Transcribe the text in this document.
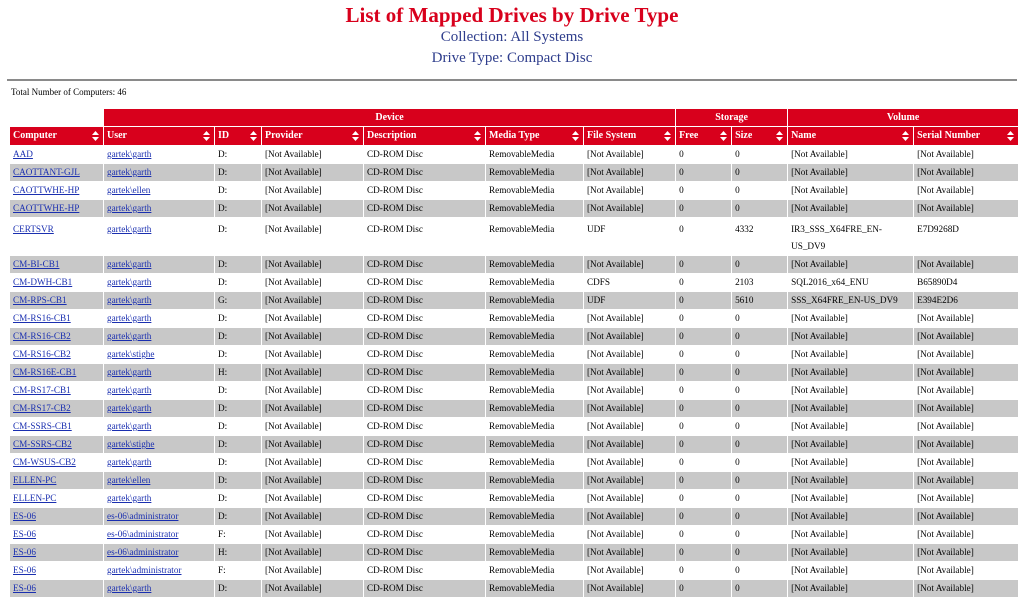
List of Mapped Drives by Drive Type
Collection: All Systems
Drive Type: Compact Disc
Total Number of Computers: 46
	Device						Storage		Volume	
Computer	User	ID	Provider	Description	Media Type	File System	Free	Size	Name	Serial Number

AAD	gartek\garth	D:	[Not Available]	CD-ROM Disc	RemovableMedia	[Not Available]	0	0	[Not Available]	[Not Available]
CAOTTANT-GJL	gartek\garth	D:	[Not Available]	CD-ROM Disc	RemovableMedia	[Not Available]	0	0	[Not Available]	[Not Available]
CAOTTWHE-HP	gartek\ellen	D:	[Not Available]	CD-ROM Disc	RemovableMedia	[Not Available]	0	0	[Not Available]	[Not Available]
CAOTTWHE-HP	gartek\garth	D:	[Not Available]	CD-ROM Disc	RemovableMedia	[Not Available]	0	0	[Not Available]	[Not Available]
CERTSVR	gartek\garth	D:	[Not Available]	CD-ROM Disc	RemovableMedia	UDF	0	4332	IR3_SSS_X64FRE_EN-US_DV9	E7D9268D
CM-BI-CB1	gartek\garth	D:	[Not Available]	CD-ROM Disc	RemovableMedia	[Not Available]	0	0	[Not Available]	[Not Available]
CM-DWH-CB1	gartek\garth	D:	[Not Available]	CD-ROM Disc	RemovableMedia	CDFS	0	2103	SQL2016_x64_ENU	B65890D4
CM-RPS-CB1	gartek\garth	G:	[Not Available]	CD-ROM Disc	RemovableMedia	UDF	0	5610	SSS_X64FRE_EN-US_DV9	E394E2D6
CM-RS16-CB1	gartek\garth	D:	[Not Available]	CD-ROM Disc	RemovableMedia	[Not Available]	0	0	[Not Available]	[Not Available]
CM-RS16-CB2	gartek\garth	D:	[Not Available]	CD-ROM Disc	RemovableMedia	[Not Available]	0	0	[Not Available]	[Not Available]
CM-RS16-CB2	gartek\stighe	D:	[Not Available]	CD-ROM Disc	RemovableMedia	[Not Available]	0	0	[Not Available]	[Not Available]
CM-RS16E-CB1	gartek\garth	H:	[Not Available]	CD-ROM Disc	RemovableMedia	[Not Available]	0	0	[Not Available]	[Not Available]
CM-RS17-CB1	gartek\garth	D:	[Not Available]	CD-ROM Disc	RemovableMedia	[Not Available]	0	0	[Not Available]	[Not Available]
CM-RS17-CB2	gartek\garth	D:	[Not Available]	CD-ROM Disc	RemovableMedia	[Not Available]	0	0	[Not Available]	[Not Available]
CM-SSRS-CB1	gartek\garth	D:	[Not Available]	CD-ROM Disc	RemovableMedia	[Not Available]	0	0	[Not Available]	[Not Available]
CM-SSRS-CB2	gartek\stighe	D:	[Not Available]	CD-ROM Disc	RemovableMedia	[Not Available]	0	0	[Not Available]	[Not Available]
CM-WSUS-CB2	gartek\garth	D:	[Not Available]	CD-ROM Disc	RemovableMedia	[Not Available]	0	0	[Not Available]	[Not Available]
ELLEN-PC	gartek\ellen	D:	[Not Available]	CD-ROM Disc	RemovableMedia	[Not Available]	0	0	[Not Available]	[Not Available]
ELLEN-PC	gartek\garth	D:	[Not Available]	CD-ROM Disc	RemovableMedia	[Not Available]	0	0	[Not Available]	[Not Available]
ES-06	es-06\administrator	D:	[Not Available]	CD-ROM Disc	RemovableMedia	[Not Available]	0	0	[Not Available]	[Not Available]
ES-06	es-06\administrator	F:	[Not Available]	CD-ROM Disc	RemovableMedia	[Not Available]	0	0	[Not Available]	[Not Available]
ES-06	es-06\administrator	H:	[Not Available]	CD-ROM Disc	RemovableMedia	[Not Available]	0	0	[Not Available]	[Not Available]
ES-06	gartek\administrator	F:	[Not Available]	CD-ROM Disc	RemovableMedia	[Not Available]	0	0	[Not Available]	[Not Available]
ES-06	gartek\garth	D:	[Not Available]	CD-ROM Disc	RemovableMedia	[Not Available]	0	0	[Not Available]	[Not Available]
